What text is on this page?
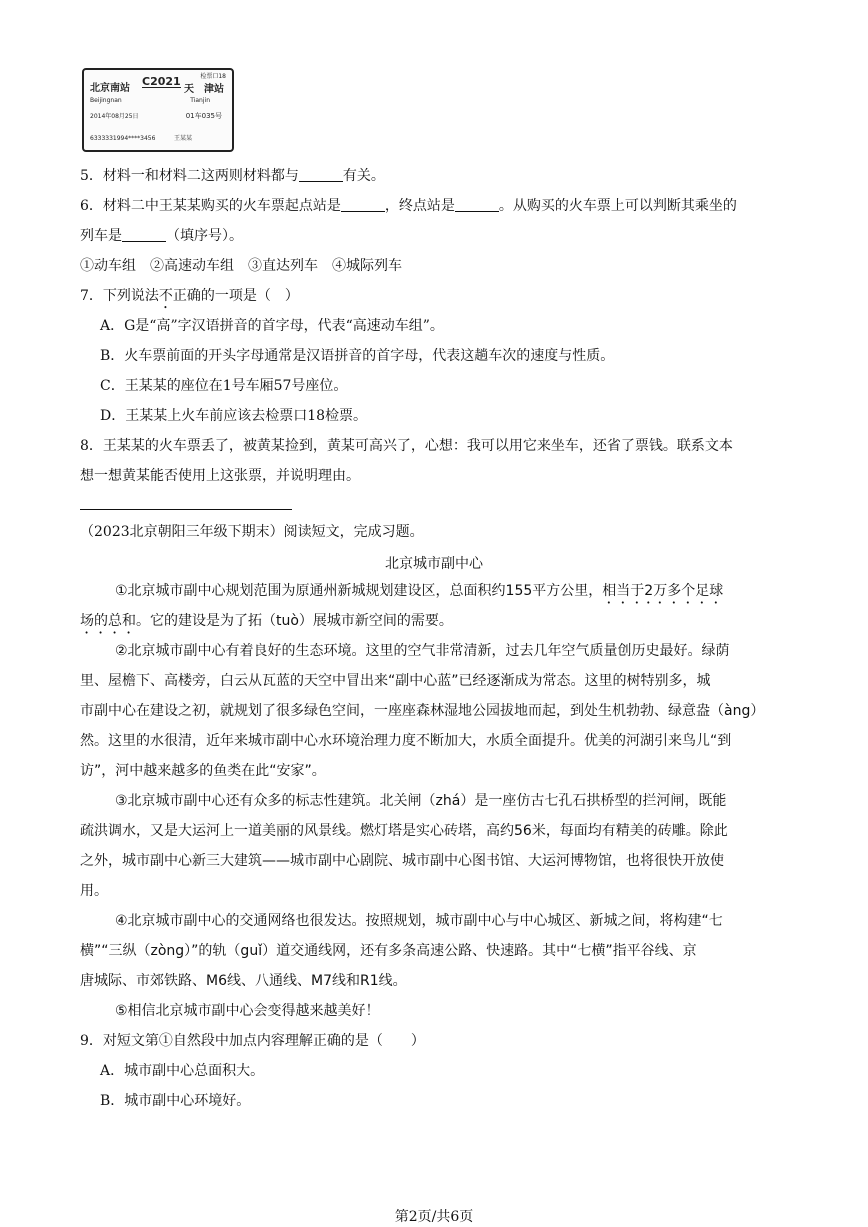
北京南站
C2021	检票口18
天　津站
Beijingnan	Tianjin
2014年08月25日	01车035号
6333331994****3456	王某某
5．材料一和材料二这两则材料都与	有关。
6．材料二中王某某购买的火车票起点站是	，终点站是	。从购买的火车票上可以判断其乘坐的
列车是	（填序号）。
①动车组　②高速动车组　③直达列车　④城际列车
7．下列说法不正确的一项是（　）
A．G是“高”字汉语拼音的首字母，代表“高速动车组”。
B．火车票前面的开头字母通常是汉语拼音的首字母，代表这趟车次的速度与性质。
C．王某某的座位在1号车厢57号座位。
D．王某某上火车前应该去检票口18检票。
8．王某某的火车票丢了，被黄某捡到，黄某可高兴了，心想：我可以用它来坐车，还省了票钱。联系文本
想一想黄某能否使用上这张票，并说明理由。
（2023北京朝阳三年级下期末）阅读短文，完成习题。
北京城市副中心
①北京城市副中心规划范围为原通州新城规划建设区，总面积约155平方公里，相当于2万多个足球
场的总和。它的建设是为了拓（tuò）展城市新空间的需要。
②北京城市副中心有着良好的生态环境。这里的空气非常清新，过去几年空气质量创历史最好。绿荫
里、屋檐下、高楼旁，白云从瓦蓝的天空中冒出来“副中心蓝”已经逐渐成为常态。这里的树特别多，城
市副中心在建设之初，就规划了很多绿色空间，一座座森林湿地公园拔地而起，到处生机勃勃、绿意盎（àng）
然。这里的水很清，近年来城市副中心水环境治理力度不断加大，水质全面提升。优美的河湖引来鸟儿“到
访”，河中越来越多的鱼类在此“安家”。
③北京城市副中心还有众多的标志性建筑。北关闸（zhá）是一座仿古七孔石拱桥型的拦河闸，既能
疏洪调水，又是大运河上一道美丽的风景线。燃灯塔是实心砖塔，高约56米，每面均有精美的砖雕。除此
之外，城市副中心新三大建筑——城市副中心剧院、城市副中心图书馆、大运河博物馆，也将很快开放使
用。
④北京城市副中心的交通网络也很发达。按照规划，城市副中心与中心城区、新城之间，将构建“七
横”“三纵（zòng）”的轨（guǐ）道交通线网，还有多条高速公路、快速路。其中“七横”指平谷线、京
唐城际、市郊铁路、M6线、八通线、M7线和R1线。
⑤相信北京城市副中心会变得越来越美好！
9．对短文第①自然段中加点内容理解正确的是（　　）
A．城市副中心总面积大。
B．城市副中心环境好。
第2页/共6页
